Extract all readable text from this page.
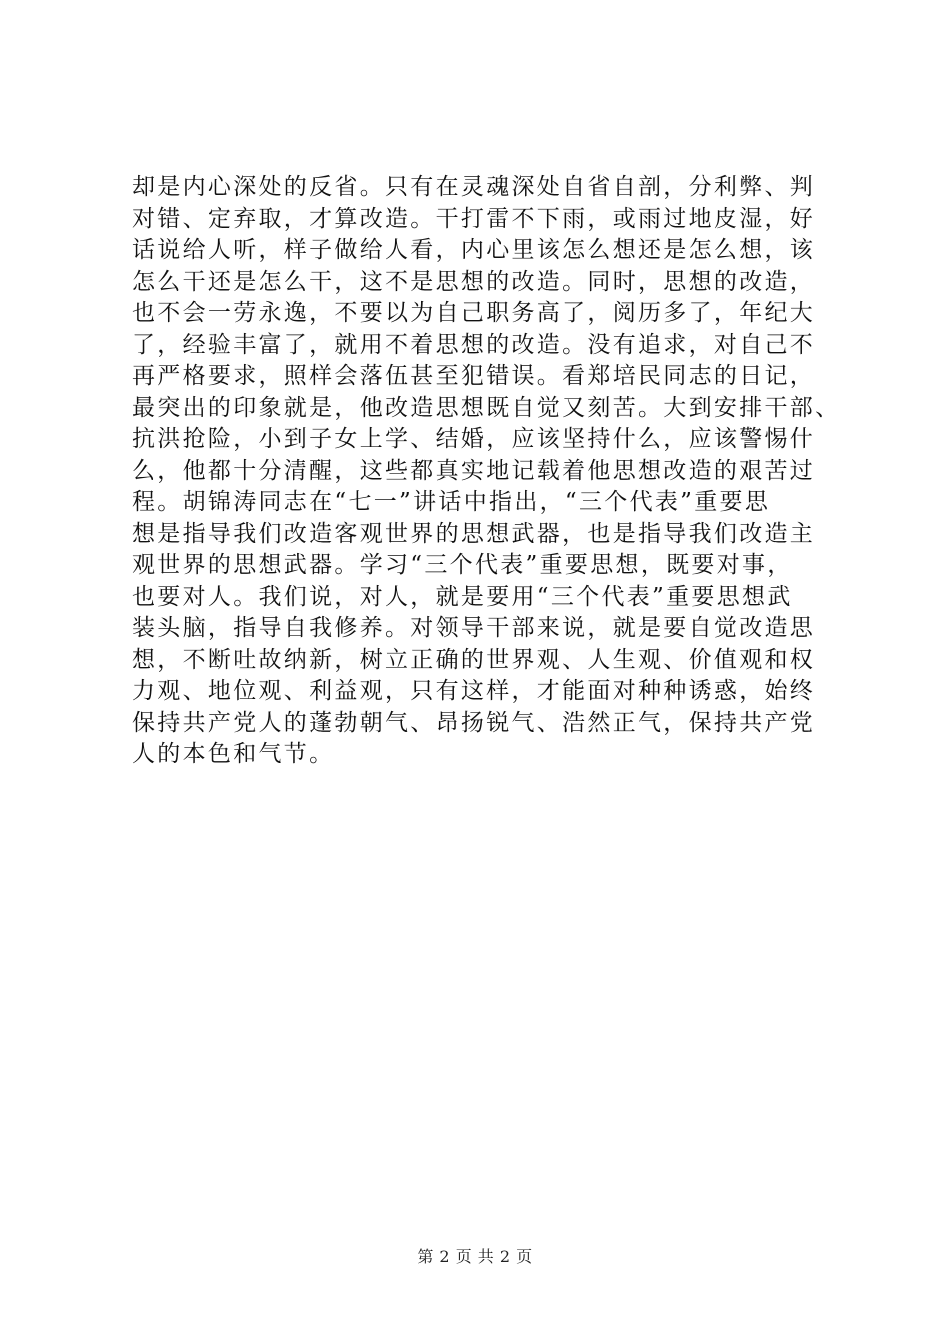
却是内心深处的反省。只有在灵魂深处自省自剖，分利弊、判
对错、定弃取，才算改造。干打雷不下雨，或雨过地皮湿，好
话说给人听，样子做给人看，内心里该怎么想还是怎么想，该
怎么干还是怎么干，这不是思想的改造。同时，思想的改造，
也不会一劳永逸，不要以为自己职务高了，阅历多了，年纪大
了，经验丰富了，就用不着思想的改造。没有追求，对自己不
再严格要求，照样会落伍甚至犯错误。看郑培民同志的日记，
最突出的印象就是，他改造思想既自觉又刻苦。大到安排干部、
抗洪抢险，小到子女上学、结婚，应该坚持什么，应该警惕什
么，他都十分清醒，这些都真实地记载着他思想改造的艰苦过
程。胡锦涛同志在“七一”讲话中指出，“三个代表”重要思
想是指导我们改造客观世界的思想武器，也是指导我们改造主
观世界的思想武器。学习“三个代表”重要思想，既要对事，
也要对人。我们说，对人，就是要用“三个代表”重要思想武
装头脑，指导自我修养。对领导干部来说，就是要自觉改造思
想，不断吐故纳新，树立正确的世界观、人生观、价值观和权
力观、地位观、利益观，只有这样，才能面对种种诱惑，始终
保持共产党人的蓬勃朝气、昂扬锐气、浩然正气，保持共产党
人的本色和气节。
第 2 页 共 2 页
